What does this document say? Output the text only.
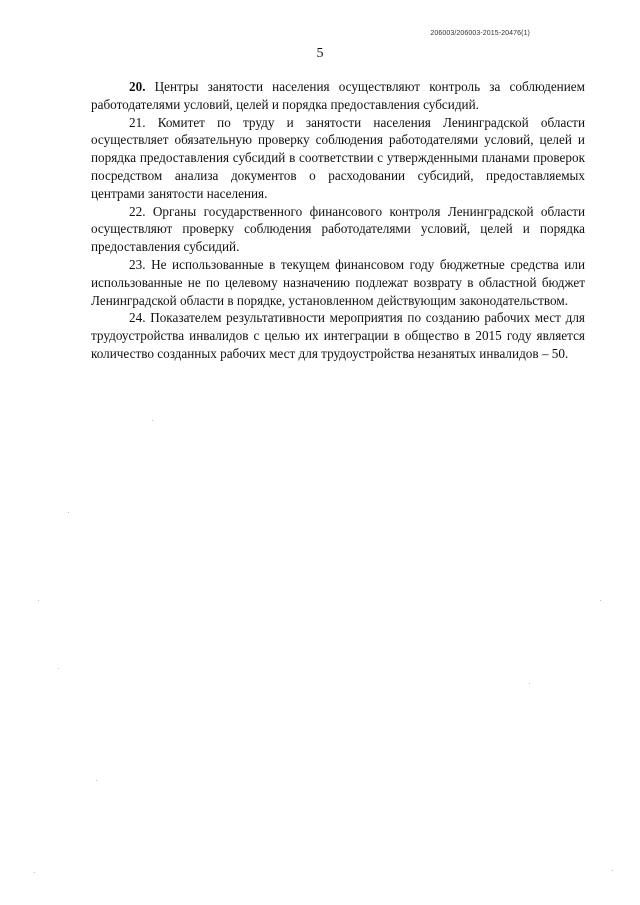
206003/206003-2015-20476(1)
5

20. Центры занятости населения осуществляют контроль за соблюдением работодателями условий, целей и порядка предоставления субсидий.

21. Комитет по труду и занятости населения Ленинградской области осуществляет обязательную проверку соблюдения работодателями условий, целей и порядка предоставления субсидий в соответствии с утвержденными планами проверок посредством анализа документов о расходовании субсидий, предоставляемых центрами занятости населения.

22. Органы государственного финансового контроля Ленинградской области осуществляют проверку соблюдения работодателями условий, целей и порядка предоставления субсидий.

23. Не использованные в текущем финансовом году бюджетные средства или использованные не по целевому назначению подлежат возврату в областной бюджет Ленинградской области в порядке, установленном действующим законодательством.

24. Показателем результативности мероприятия по созданию рабочих мест для трудоустройства инвалидов с целью их интеграции в общество в 2015 году является количество созданных рабочих мест для трудоустройства незанятых инвалидов – 50.
